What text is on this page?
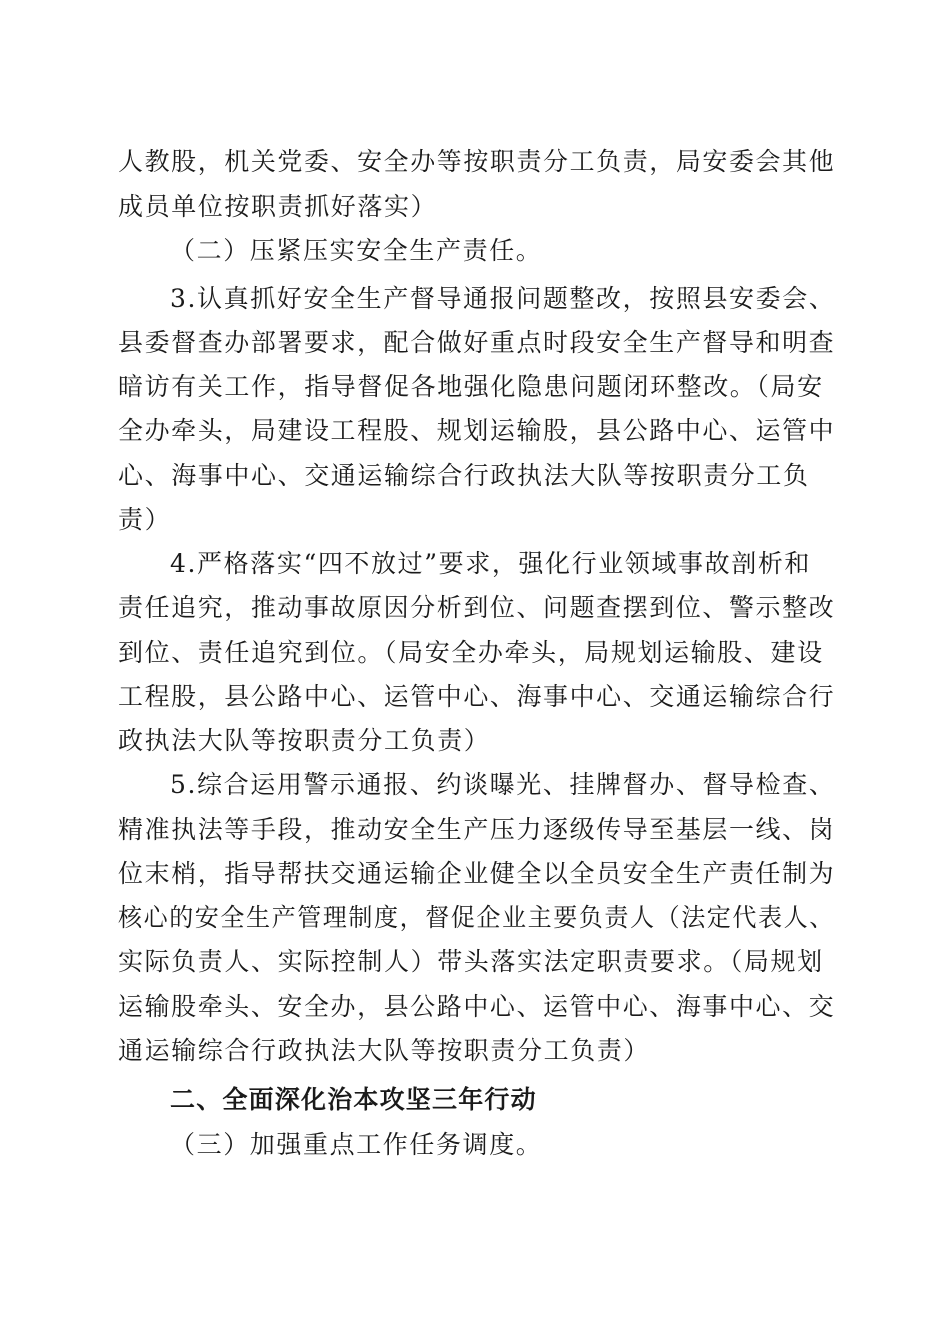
人教股，机关党委、安全办等按职责分工负责，局安委会其他
成员单位按职责抓好落实）
（二）压紧压实安全生产责任。
3.认真抓好安全生产督导通报问题整改，按照县安委会、
县委督查办部署要求，配合做好重点时段安全生产督导和明查
暗访有关工作，指导督促各地强化隐患问题闭环整改。（局安
全办牵头，局建设工程股、规划运输股，县公路中心、运管中
心、海事中心、交通运输综合行政执法大队等按职责分工负
责）
4.严格落实“四不放过”要求，强化行业领域事故剖析和
责任追究，推动事故原因分析到位、问题查摆到位、警示整改
到位、责任追究到位。（局安全办牵头，局规划运输股、建设
工程股，县公路中心、运管中心、海事中心、交通运输综合行
政执法大队等按职责分工负责）
5.综合运用警示通报、约谈曝光、挂牌督办、督导检查、
精准执法等手段，推动安全生产压力逐级传导至基层一线、岗
位末梢，指导帮扶交通运输企业健全以全员安全生产责任制为
核心的安全生产管理制度，督促企业主要负责人（法定代表人、
实际负责人、实际控制人）带头落实法定职责要求。（局规划
运输股牵头、安全办，县公路中心、运管中心、海事中心、交
通运输综合行政执法大队等按职责分工负责）
二、全面深化治本攻坚三年行动
（三）加强重点工作任务调度。
